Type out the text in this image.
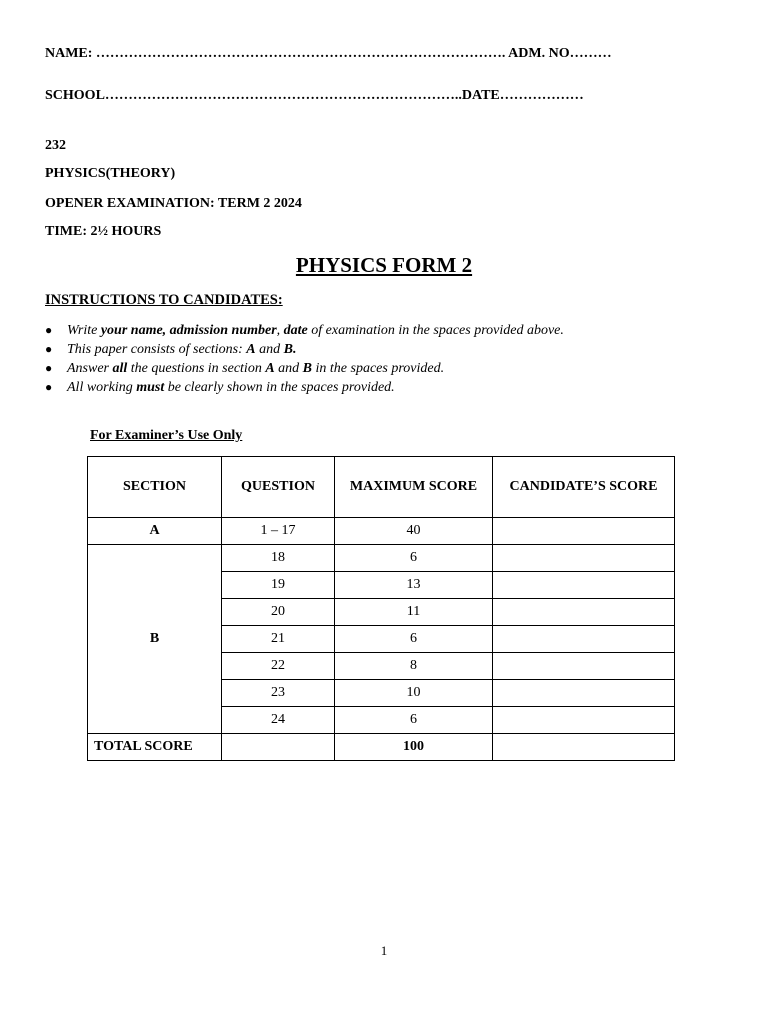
NAME: ……………………………………………………………………………. ADM. NO………
SCHOOL…………………………………………………………………..DATE………………
232
PHYSICS(THEORY)
OPENER EXAMINATION: TERM 2 2024
TIME: 2½ HOURS
PHYSICS FORM 2
INSTRUCTIONS TO CANDIDATES:
● Write your name, admission number, date of examination in the spaces provided above.
● This paper consists of sections: A and B.
● Answer all the questions in section A and B in the spaces provided.
● All working must be clearly shown in the spaces provided.
For Examiner’s Use Only
SECTION	QUESTION	MAXIMUM SCORE	CANDIDATE’S SCORE
A	1 – 17	40	
B	18	6	
	19	13	
	20	11	
	21	6	
	22	8	
	23	10	
	24	6	
TOTAL SCORE		100	
1
